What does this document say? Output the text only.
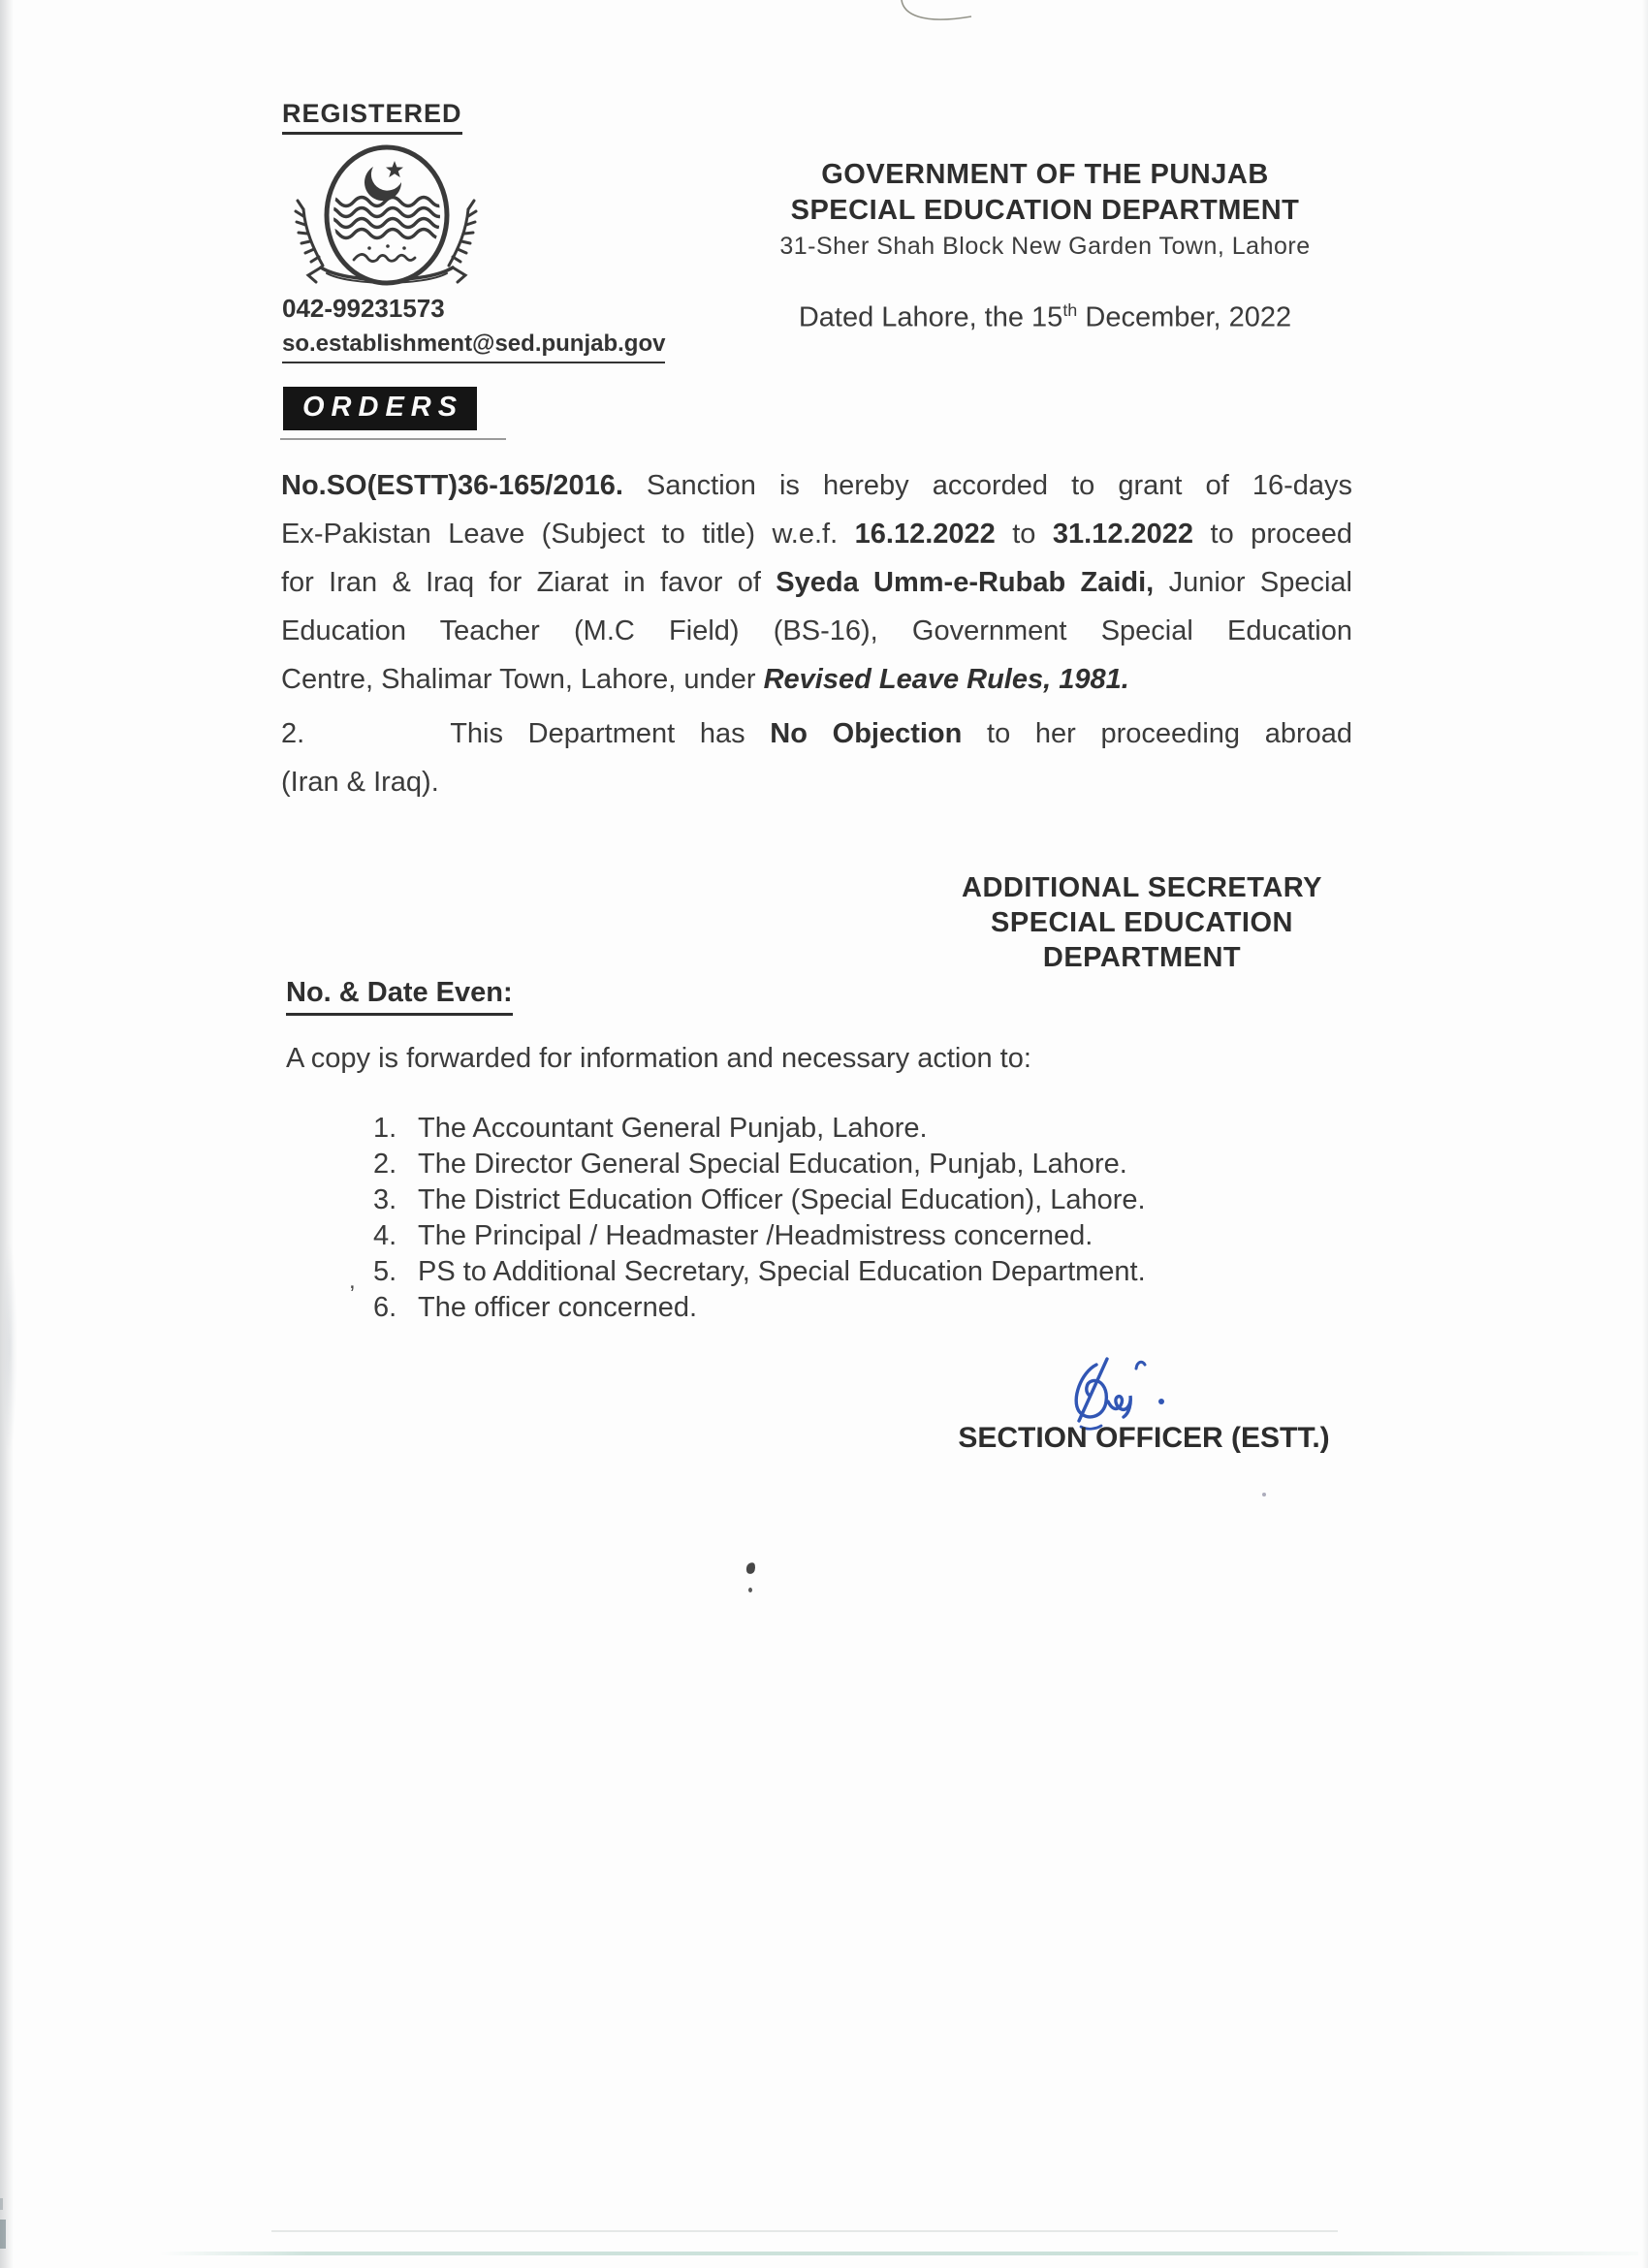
REGISTERED
042-99231573
so.establishment@sed.punjab.gov
GOVERNMENT OF THE PUNJAB
SPECIAL EDUCATION DEPARTMENT
31-Sher Shah Block New Garden Town, Lahore
Dated Lahore, the 15th December, 2022
ORDERS
No.SO(ESTT)36-165/2016. Sanction is hereby accorded to grant of 16-days
Ex-Pakistan Leave (Subject to title) w.e.f. 16.12.2022 to 31.12.2022 to proceed
for Iran & Iraq for Ziarat in favor of Syeda Umm-e-Rubab Zaidi, Junior Special
Education Teacher (M.C Field) (BS-16), Government Special Education
Centre, Shalimar Town, Lahore, under Revised Leave Rules, 1981.
2.	This Department has No Objection to her proceeding abroad
(Iran & Iraq).
ADDITIONAL SECRETARY
SPECIAL EDUCATION
DEPARTMENT
No. & Date Even:
A copy is forwarded for information and necessary action to:
1. The Accountant General Punjab, Lahore.
2. The Director General Special Education, Punjab, Lahore.
3. The District Education Officer (Special Education), Lahore.
4. The Principal / Headmaster /Headmistress concerned.
5. PS to Additional Secretary, Special Education Department.
6. The officer concerned.
,
SECTION OFFICER (ESTT.)
